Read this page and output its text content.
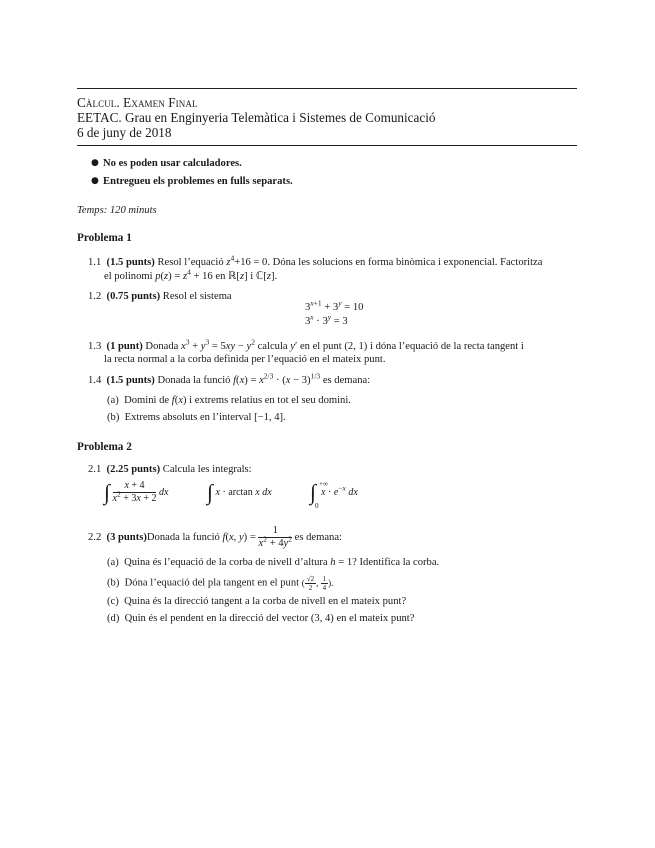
Càlcul. Examen Final
EETAC. Grau en Enginyeria Telemàtica i Sistemes de Comunicació
6 de juny de 2018
● No es poden usar calculadores.
● Entregueu els problemes en fulls separats.
Temps: 120 minuts
Problema 1
1.1 (1.5 punts) Resol l’equació $z^4+16 = 0$. Dóna les solucions en forma binòmica i exponencial. Factoritza
el polinomi $p(z) = z^4 + 16$ en ℝ[z] i ℂ[z].
1.2 (0.75 punts) Resol el sistema
$3^{x+1} + 3^y = 10$
$3^x \cdot 3^y = 3$
1.3 (1 punt) Donada $x^3 + y^3 = 5xy - y^2$ calcula y′ en el punt (2, 1) i dóna l’equació de la recta tangent i
la recta normal a la corba definida per l’equació en el mateix punt.
1.4 (1.5 punts) Donada la funció $f(x) = x^{2/3} \cdot (x - 3)^{1/3}$ es demana:
(a) Domini de f(x) i extrems relatius en tot el seu domini.
(b) Extrems absoluts en l’interval [−1, 4].
Problema 2
2.1 (2.25 punts) Calcula les integrals:
∫ $\frac{x + 4}{x^2 + 3x + 2}$ dx ∫ x · arctan x dx ∫ +∞
0
$x \cdot e^{-x}$ dx
2.2 (3 punts)Donada la funció f(x, $y) = \frac{1}{x^2 + 4y^2}$ es demana:
(a) Quina és l’equació de la corba de nivell d’altura h = 1? Identifica la corba.
(b) Dóna l’equació del pla tangent en el punt ( $\frac{√2}{2}$ , $\frac{1}{4}$ ).
(c) Quina és la direcció tangent a la corba de nivell en el mateix punt?
(d) Quin és el pendent en la direcció del vector (3, 4) en el mateix punt?
